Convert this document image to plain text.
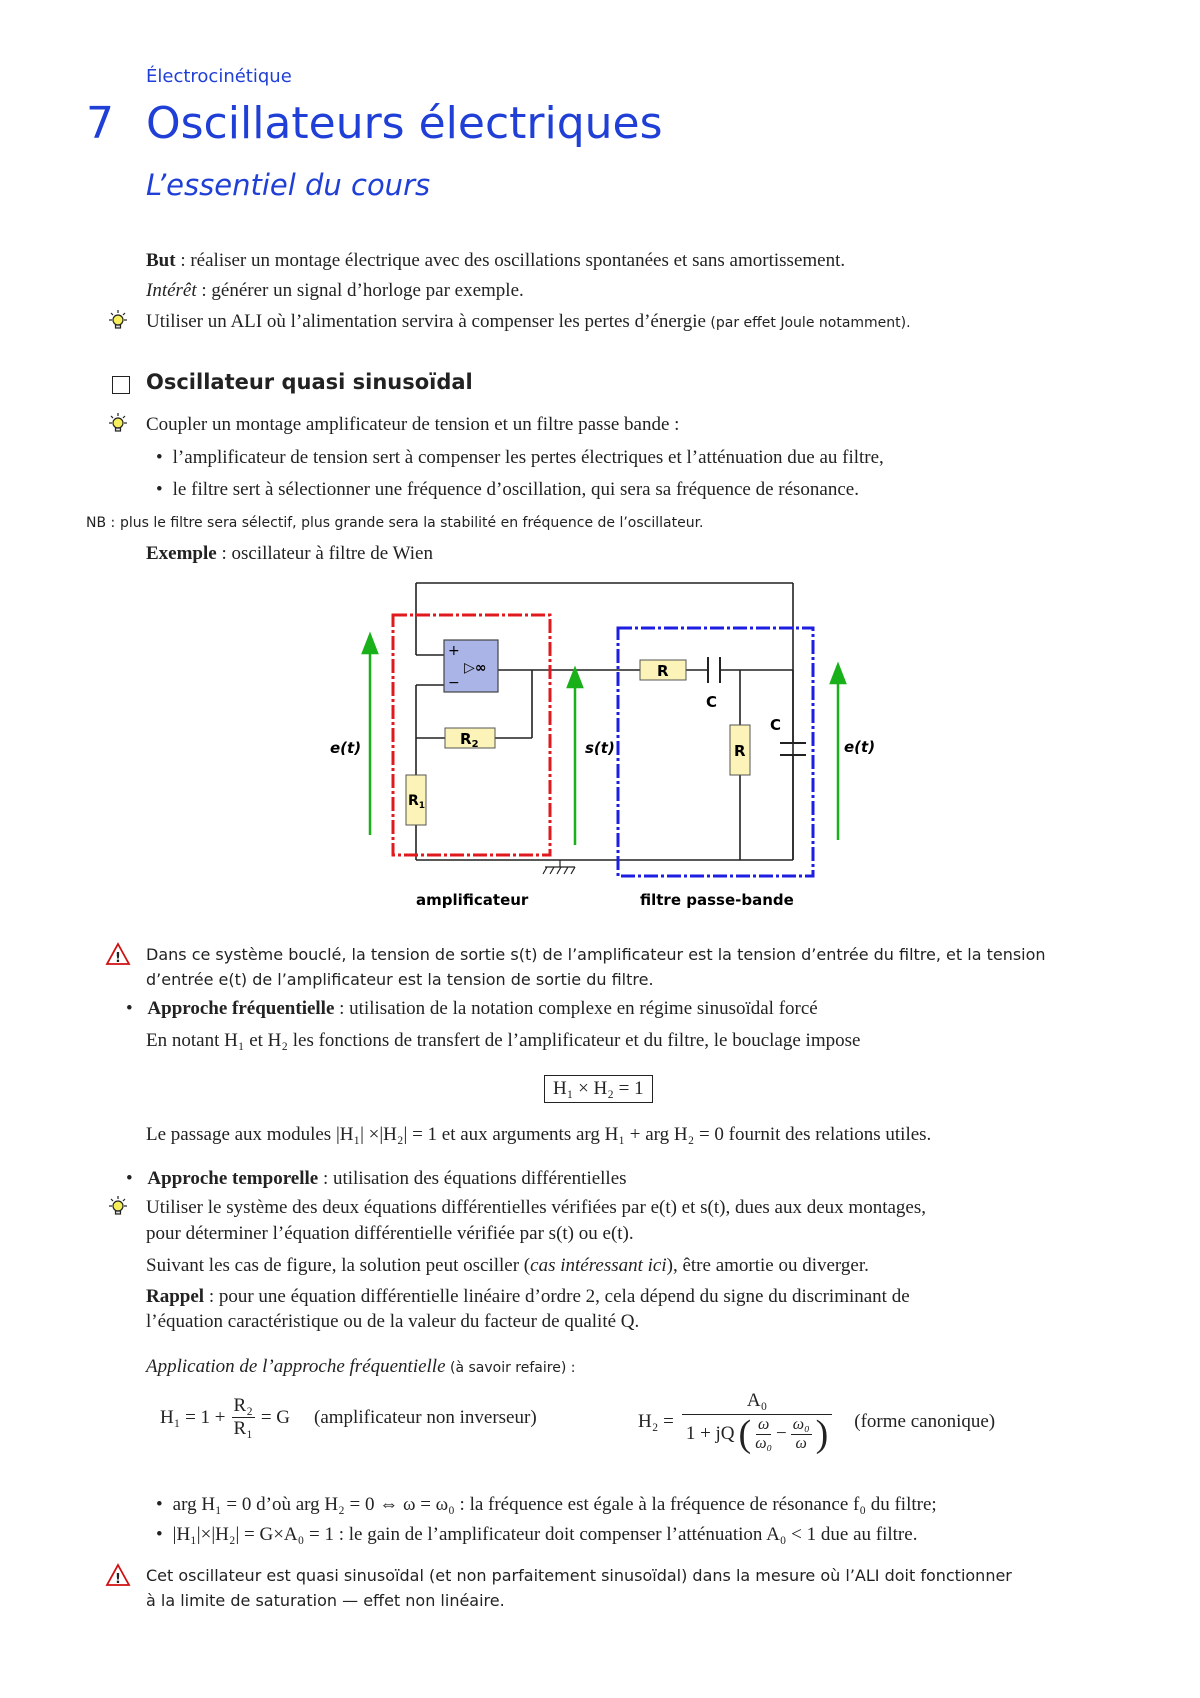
Électrocinétique
7 Oscillateurs électriques
L’essentiel du cours
But : réaliser un montage électrique avec des oscillations spontanées et sans amortissement.
Intérêt : générer un signal d’horloge par exemple.
Utiliser un ALI où l’alimentation servira à compenser les pertes d’énergie (par effet Joule notamment).
Oscillateur quasi sinusoïdal
Coupler un montage amplificateur de tension et un filtre passe bande :
• l’amplificateur de tension sert à compenser les pertes électriques et l’atténuation due au filtre,
• le filtre sert à sélectionner une fréquence d’oscillation, qui sera sa fréquence de résonance.
NB : plus le filtre sera sélectif, plus grande sera la stabilité en fréquence de l’oscillateur.
Exemple : oscillateur à filtre de Wien
+
−
▷∞
$R_2$
$R_1$
R
C
R
C
e(t)	s(t)	e(t)
amplificateur	filtre passe-bande
! Dans ce système bouclé, la tension de sortie s(t) de l’amplificateur est la tension d’entrée du filtre, et la tension
d’entrée e(t) de l’amplificateur est la tension de sortie du filtre.
• Approche fréquentielle : utilisation de la notation complexe en régime sinusoïdal forcé
En notant H₁ et H₂ les fonctions de transfert de l’amplificateur et du filtre, le bouclage impose
H₁ × H₂ = 1
Le passage aux modules |H₁| ×|H₂| = 1 et aux arguments arg H₁ + arg H₂ = 0 fournit des relations utiles.
• Approche temporelle : utilisation des équations différentielles
Utiliser le système des deux équations différentielles vérifiées par e(t) et s(t), dues aux deux montages,
pour déterminer l’équation différentielle vérifiée par s(t) ou e(t).
Suivant les cas de figure, la solution peut osciller (cas intéressant ici), être amortie ou diverger.
Rappel : pour une équation différentielle linéaire d’ordre 2, cela dépend du signe du discriminant de
l’équation caractéristique ou de la valeur du facteur de qualité Q.
Application de l’approche fréquentielle (à savoir refaire) :
$H_1 = 1 + \frac{\text{R₂}}{\text{R₁}} = G$ (amplificateur non inverseur)	H₂ =
A₀
1 + jQ ( $\frac{\omega}{\text{ω₀}} - \frac{\text{ω₀}}{\omega}$ ) (forme canonique)
• arg H₁ = 0 d’où arg H₂ = 0 ⇔ ω = ω₀ : la fréquence est égale à la fréquence de résonance f₀ du filtre;
• |H₁|×|H₂| = G×A₀ = 1 : le gain de l’amplificateur doit compenser l’atténuation A₀ < 1 due au filtre.
! Cet oscillateur est quasi sinusoïdal (et non parfaitement sinusoïdal) dans la mesure où l’ALI doit fonctionner
à la limite de saturation — effet non linéaire.
